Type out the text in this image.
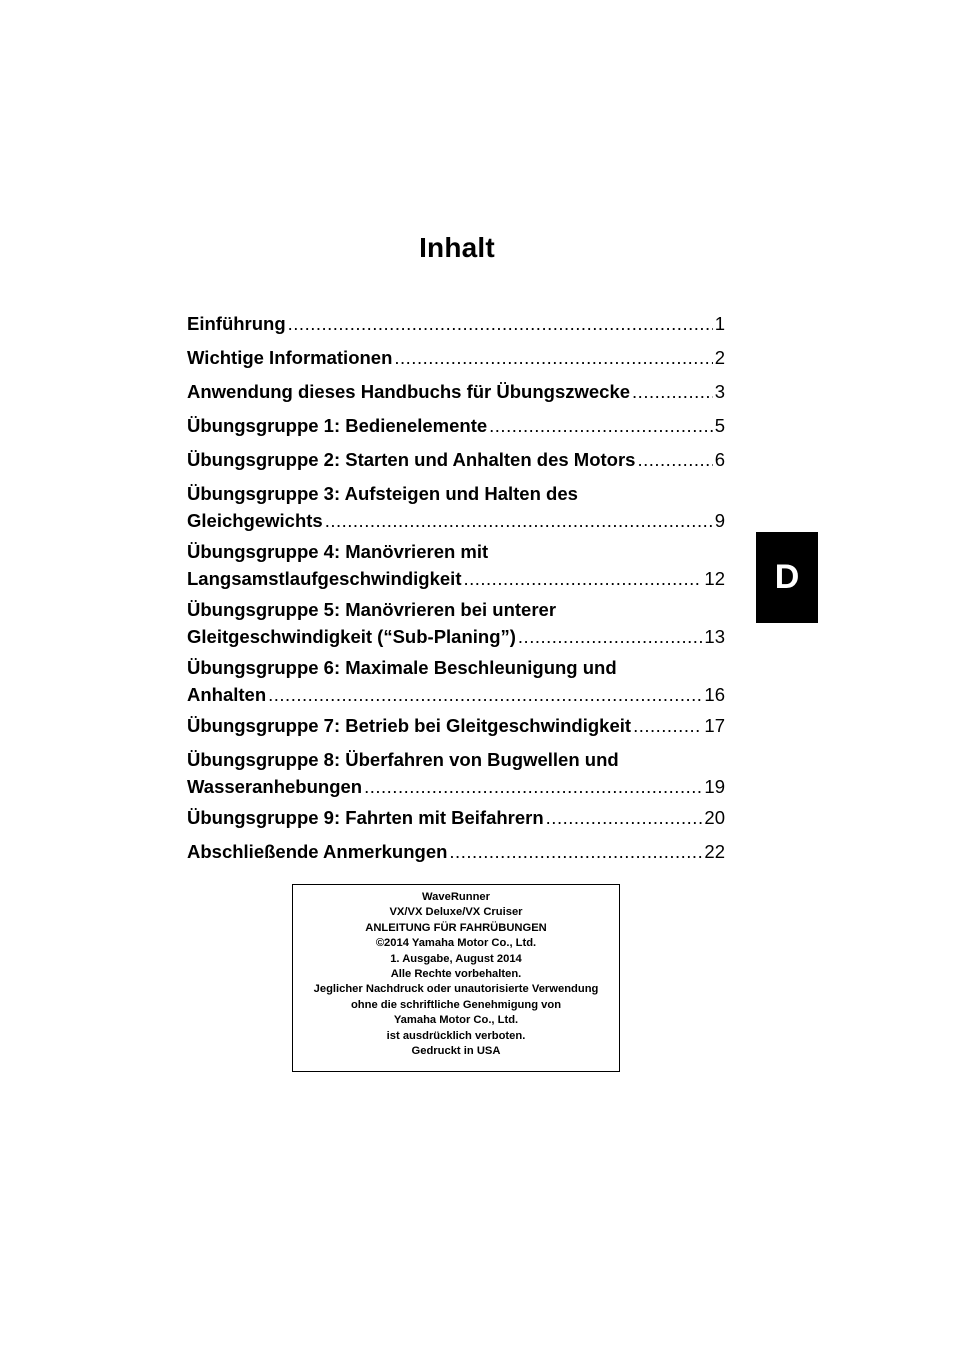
Inhalt
Einführung .....	1
Wichtige Informationen .....	2
Anwendung dieses Handbuchs für Übungszwecke .....	3
Übungsgruppe 1: Bedienelemente .....	5
Übungsgruppe 2: Starten und Anhalten des Motors .....	6
Übungsgruppe 3: Aufsteigen und Halten des
Gleichgewichts .....	9
Übungsgruppe 4: Manövrieren mit
Langsamstlaufgeschwindigkeit .....	12
Übungsgruppe 5: Manövrieren bei unterer
Gleitgeschwindigkeit (“Sub-Planing”) .....	13
Übungsgruppe 6: Maximale Beschleunigung und
Anhalten .....	16
Übungsgruppe 7: Betrieb bei Gleitgeschwindigkeit .....	17
Übungsgruppe 8: Überfahren von Bugwellen und
Wasseranhebungen .....	19
Übungsgruppe 9: Fahrten mit Beifahrern .....	20
Abschließende Anmerkungen .....	22
D
WaveRunner
VX/VX Deluxe/VX Cruiser
ANLEITUNG FÜR FAHRÜBUNGEN
©2014 Yamaha Motor Co., Ltd.
1. Ausgabe, August 2014
Alle Rechte vorbehalten.
Jeglicher Nachdruck oder unautorisierte Verwendung
ohne die schriftliche Genehmigung von
Yamaha Motor Co., Ltd.
ist ausdrücklich verboten.
Gedruckt in USA
